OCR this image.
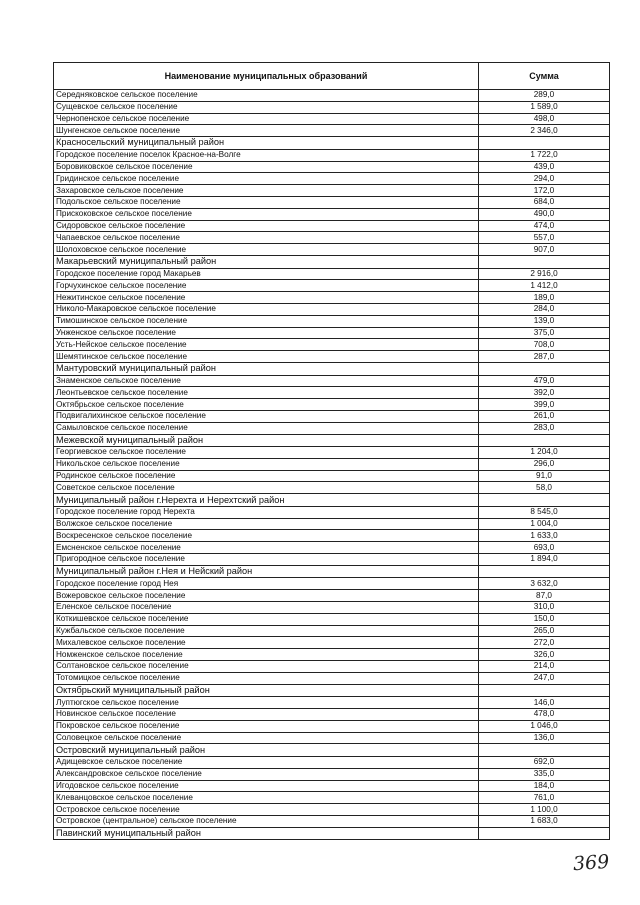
Наименование муниципальных образований	Сумма
Середняковское сельское поселение	289,0
Сущевское сельское поселение	1 589,0
Чернопенское сельское поселение	498,0
Шунгенское сельское поселение	2 346,0
Красносельский муниципальный район	
Городское поселение поселок Красное-на-Волге	1 722,0
Боровиковское сельское поселение	439,0
Гридинское сельское поселение	294,0
Захаровское сельское поселение	172,0
Подольское сельское поселение	684,0
Прискоковское сельское поселение	490,0
Сидоровское сельское поселение	474,0
Чапаевское сельское поселение	557,0
Шолоховское сельское поселение	907,0
Макарьевский муниципальный район	
Городское поселение город Макарьев	2 916,0
Горчухинское сельское поселение	1 412,0
Нежитинское сельское поселение	189,0
Николо-Макаровское сельское поселение	284,0
Тимошинское сельское поселение	139,0
Унженское сельское поселение	375,0
Усть-Нейское сельское поселение	708,0
Шемятинское сельское поселение	287,0
Мантуровский муниципальный район	
Знаменское сельское поселение	479,0
Леонтьевское сельское поселение	392,0
Октябрьское сельское поселение	399,0
Подвигалихинское сельское поселение	261,0
Самыловское сельское поселение	283,0
Межевской муниципальный район	
Георгиевское сельское поселение	1 204,0
Никольское сельское поселение	296,0
Родинское сельское поселение	91,0
Советское сельское поселение	58,0
Муниципальный район г.Нерехта и Нерехтский район	
Городское поселение город Нерехта	8 545,0
Волжское сельское поселение	1 004,0
Воскресенское сельское поселение	1 633,0
Емсненское сельское поселение	693,0
Пригородное сельское поселение	1 894,0
Муниципальный район г.Нея и Нейский район	
Городское поселение город Нея	3 632,0
Вожеровское сельское поселение	87,0
Еленское сельское поселение	310,0
Коткишевское сельское поселение	150,0
Кужбальское сельское поселение	265,0
Михалевское сельское поселение	272,0
Номженское сельское поселение	326,0
Солтановское сельское поселение	214,0
Тотомицкое сельское поселение	247,0
Октябрьский муниципальный район	
Луптюгское сельское поселение	146,0
Новинское сельское поселение	478,0
Покровское сельское поселение	1 046,0
Соловецкое сельское поселение	136,0
Островский муниципальный район	
Адищевское сельское поселение	692,0
Александровское сельское поселение	335,0
Игодовское сельское поселение	184,0
Клеванцовское сельское поселение	761,0
Островское сельское поселение	1 100,0
Островское (центральное) сельское поселение	1 683,0
Павинский муниципальный район	
369
